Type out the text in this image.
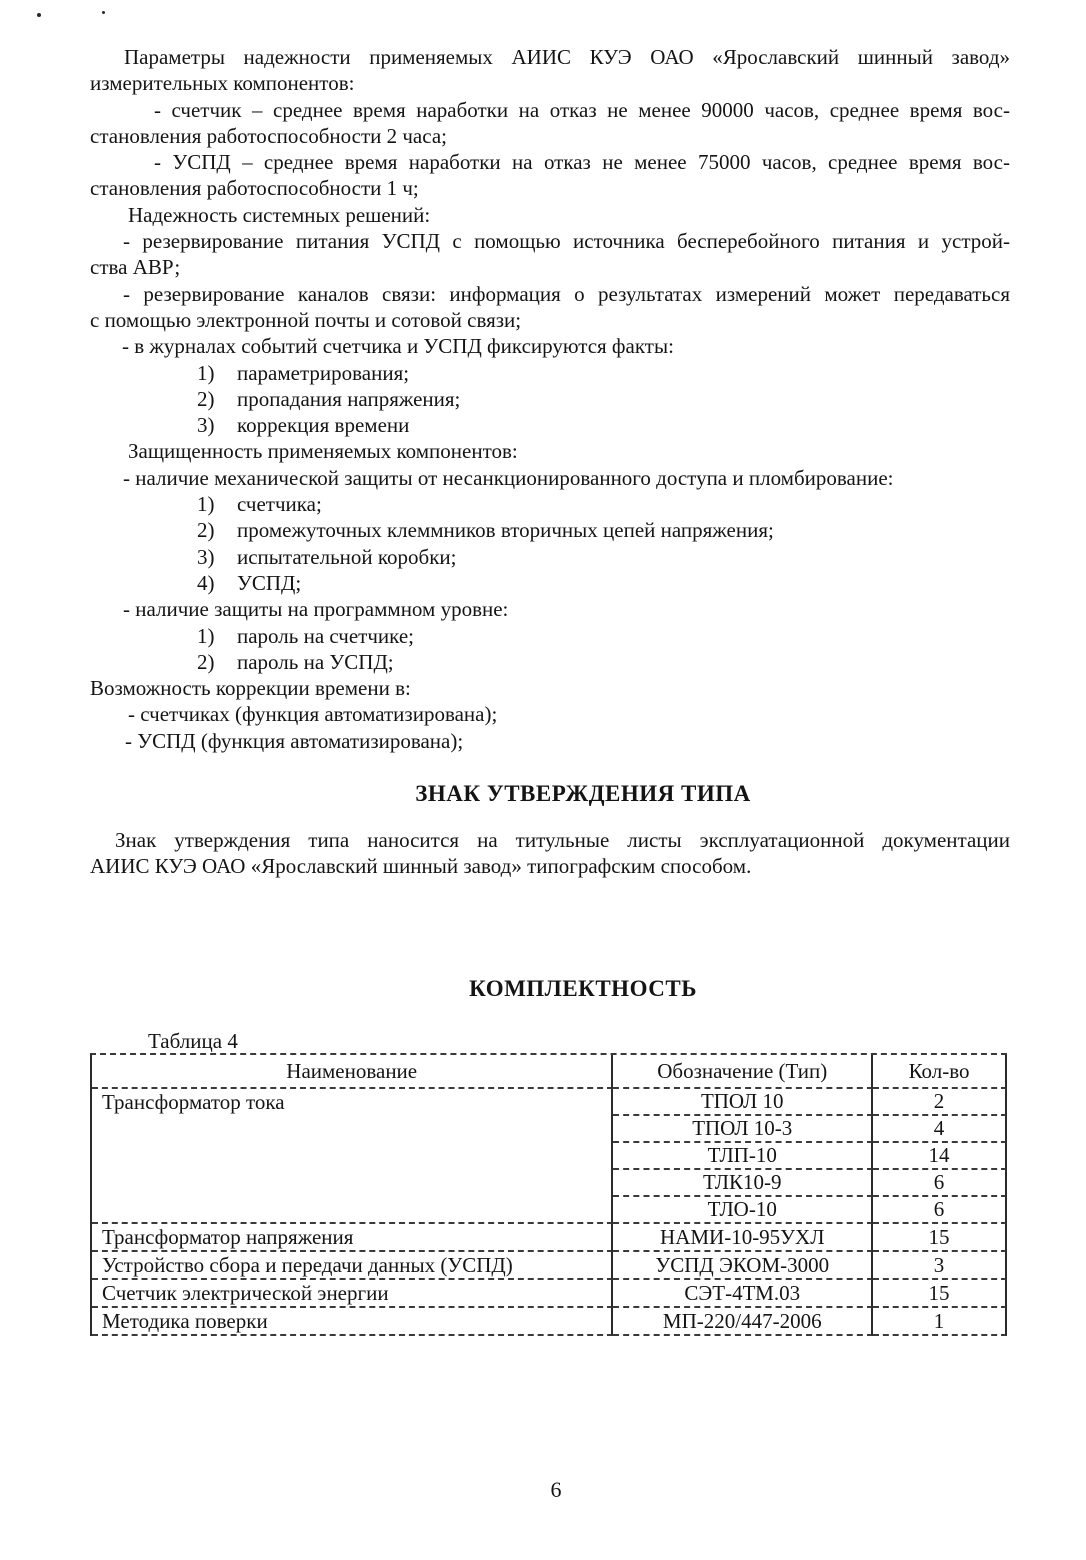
Параметры надежности применяемых АИИС КУЭ ОАО «Ярославский шинный завод»
измерительных компонентов:
- счетчик – среднее время наработки на отказ не менее 90000 часов, среднее время вос-
становления работоспособности 2 часа;
- УСПД – среднее время наработки на отказ не менее 75000 часов, среднее время вос-
становления работоспособности 1 ч;
Надежность системных решений:
- резервирование питания УСПД с помощью источника бесперебойного питания и устрой-
ства АВР;
- резервирование каналов связи: информация о результатах измерений может передаваться
с помощью электронной почты и сотовой связи;
- в журналах событий счетчика и УСПД фиксируются факты:
1) параметрирования;
2) пропадания напряжения;
3) коррекция времени
Защищенность применяемых компонентов:
- наличие механической защиты от несанкционированного доступа и пломбирование:
1) счетчика;
2) промежуточных клеммников вторичных цепей напряжения;
3) испытательной коробки;
4) УСПД;
- наличие защиты на программном уровне:
1) пароль на счетчике;
2) пароль на УСПД;
Возможность коррекции времени в:
- счетчиках (функция автоматизирована);
- УСПД (функция автоматизирована);
ЗНАК УТВЕРЖДЕНИЯ ТИПА
Знак утверждения типа наносится на титульные листы эксплуатационной документации
АИИС КУЭ ОАО «Ярославский шинный завод» типографским способом.
КОМПЛЕКТНОСТЬ
Таблица 4
Наименование	Обозначение (Тип)	Кол-во
Трансформатор тока	ТПОЛ 10	2
	ТПОЛ 10-3	4
	ТЛП-10	14
	ТЛК10-9	6
	ТЛО-10	6
Трансформатор напряжения	НАМИ-10-95УХЛ	15
Устройство сбора и передачи данных (УСПД)	УСПД ЭКОМ-3000	3
Счетчик электрической энергии	СЭТ-4ТМ.03	15
Методика поверки	МП-220/447-2006	1
6
